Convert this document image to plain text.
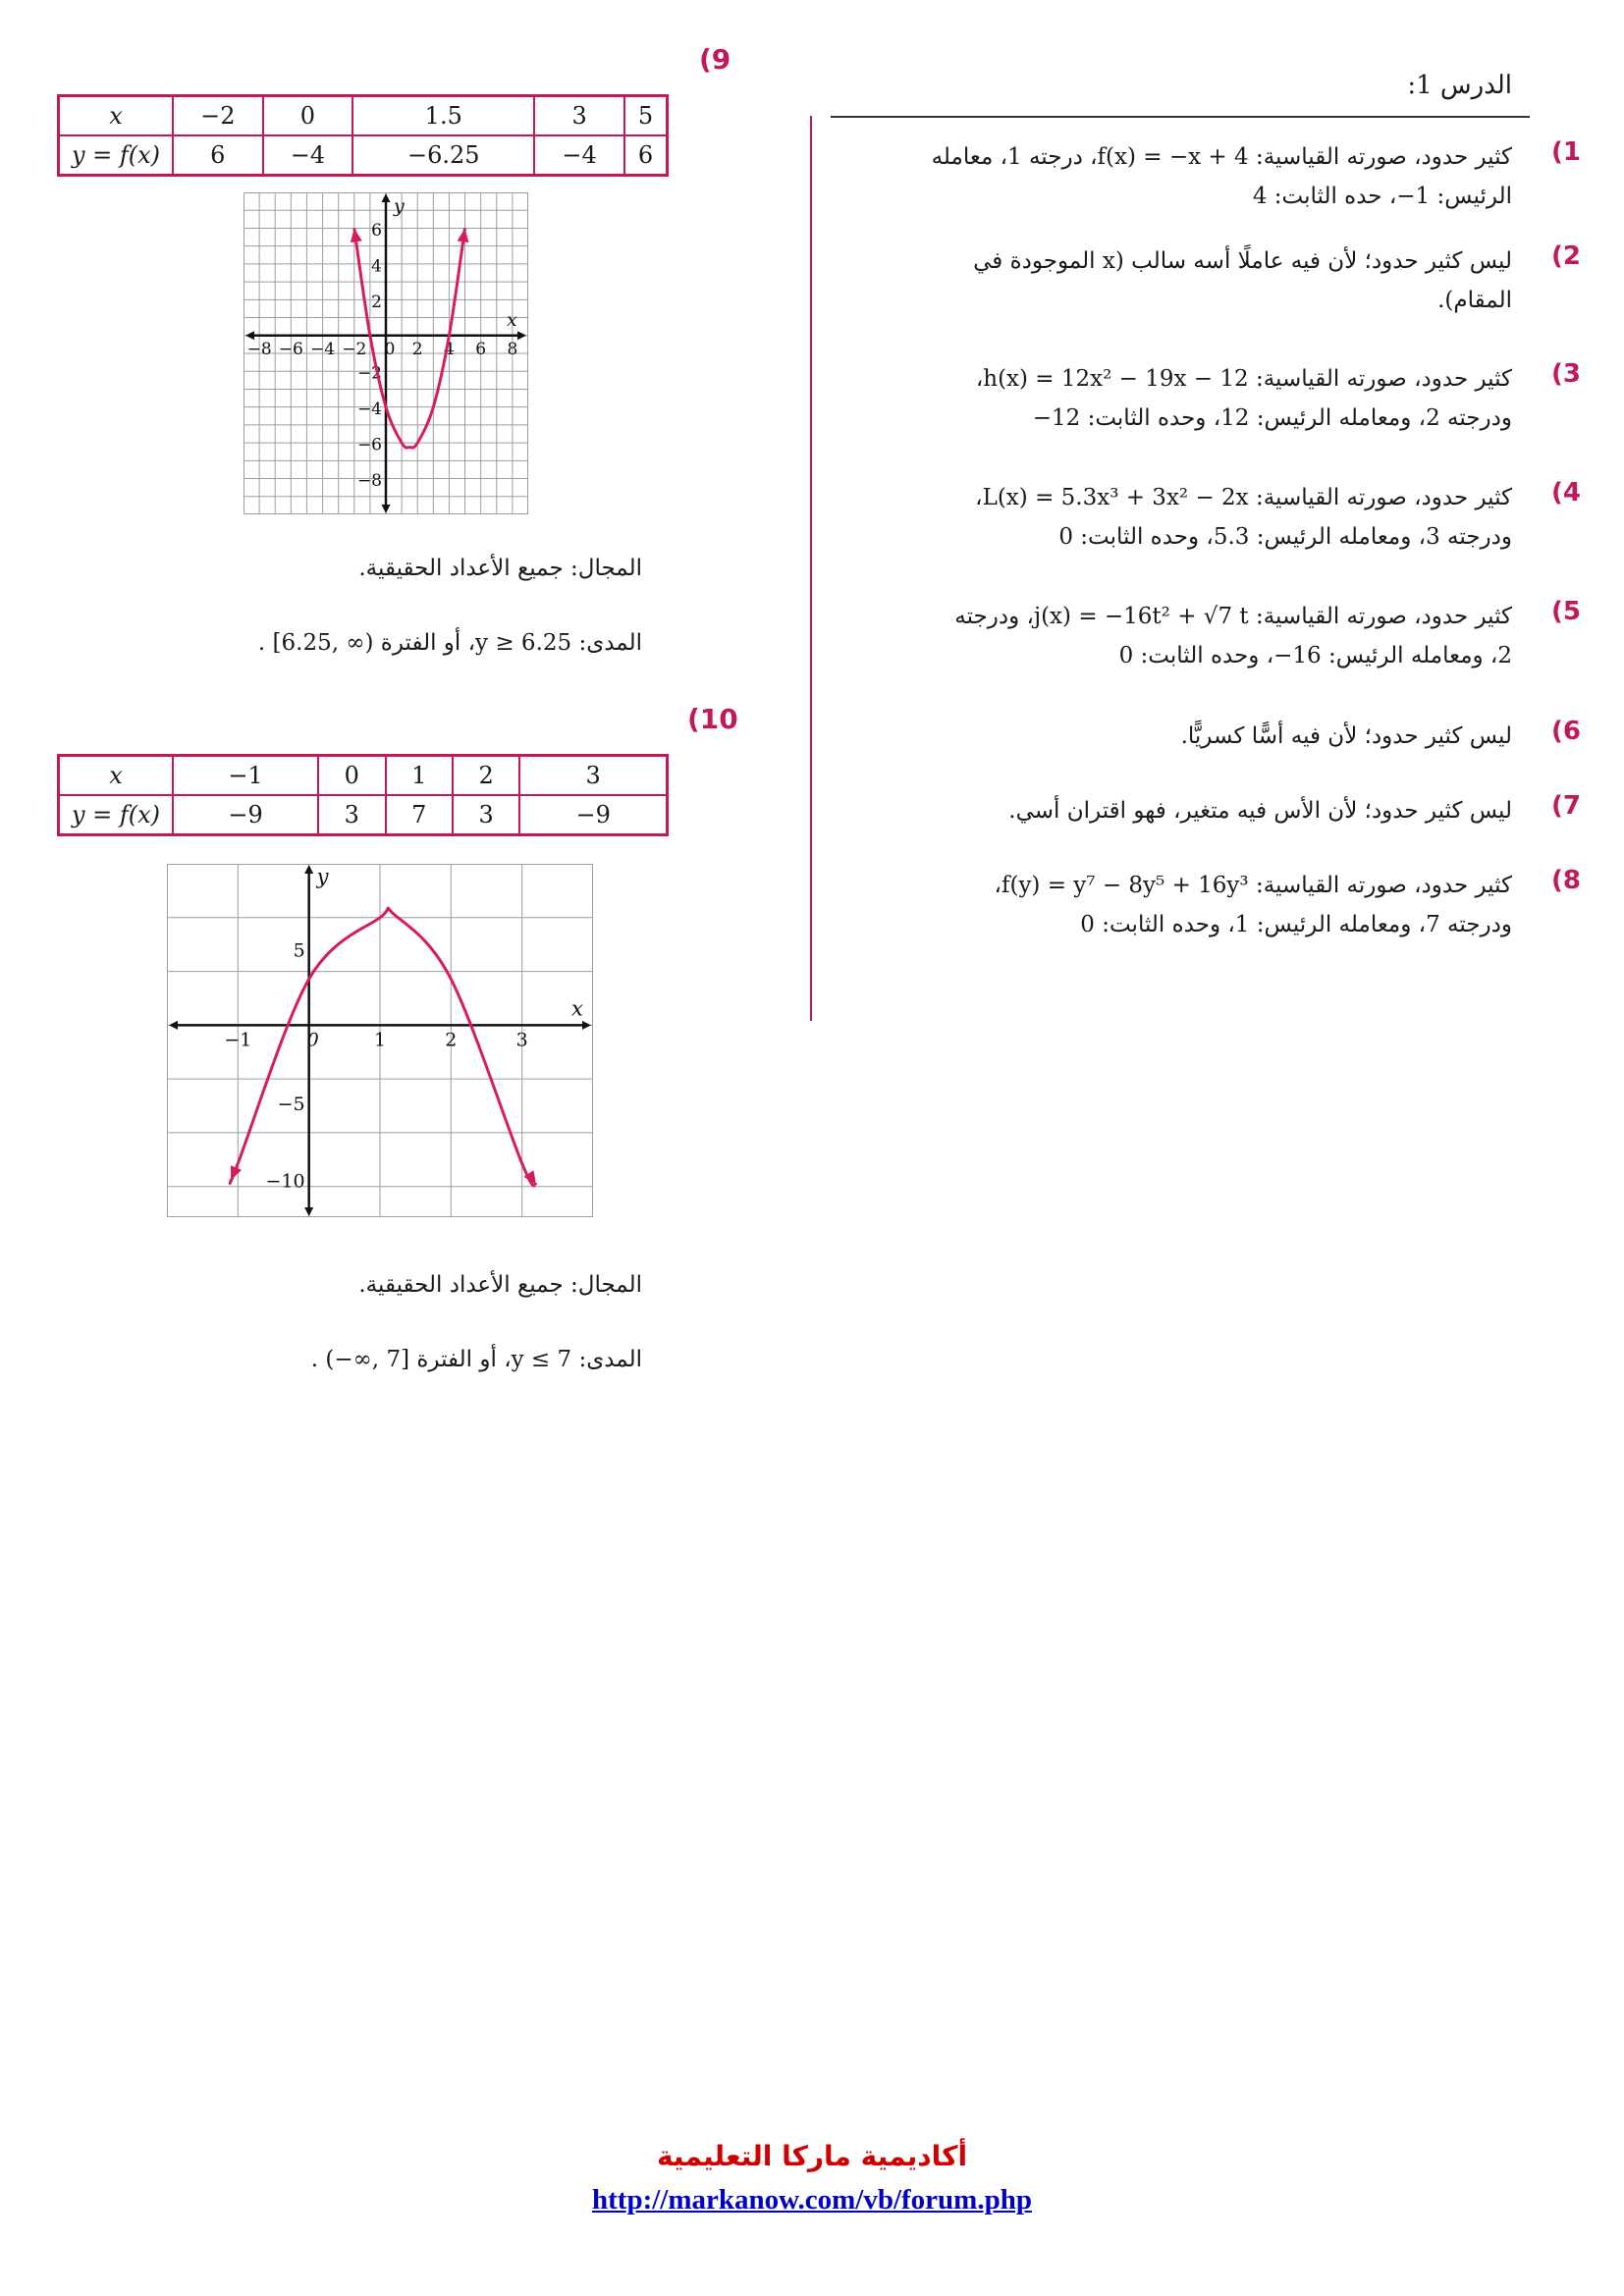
الدرس 1:
(1
كثير حدود، صورته القياسية: f(x) = −x + 4، درجته 1، معامله
الرئيس: 1−، حده الثابت: 4
(2
ليس كثير حدود؛ لأن فيه عاملًا أسه سالب (x الموجودة في
المقام).
(3
كثير حدود، صورته القياسية: h(x) = 12x² − 19x − 12،
ودرجته 2، ومعامله الرئيس: 12، وحده الثابت: 12−
(4
كثير حدود، صورته القياسية: L(x) = 5.3x³ + 3x² − 2x،
ودرجته 3، ومعامله الرئيس: 5.3، وحده الثابت: 0
(5
كثير حدود، صورته القياسية: j(x) = −16t² + √7 t، ودرجته
2، ومعامله الرئيس: 16−، وحده الثابت: 0
(6
ليس كثير حدود؛ لأن فيه أسًّا كسريًّا.
(7
ليس كثير حدود؛ لأن الأس فيه متغير، فهو اقتران أسي.
(8
كثير حدود، صورته القياسية: f(y) = y⁷ − 8y⁵ + 16y³،
ودرجته 7، ومعامله الرئيس: 1، وحده الثابت: 0
(9
x	−2	0	1.5	3	5
y = f(x)	6	−4	−6.25	−4	6
x
y
−8 −6 −4 −2 0 2 4 6 8
6
4
2
−2
−4
−6
−8
المجال: جميع الأعداد الحقيقية.
المدى: y ≥ 6.25، أو الفترة (∞ ,6.25] .
(10
x	−1	0	1	2	3
y = f(x)	−9	3	7	3	−9
x
y
−1	0	1	2	3
5
−5
−10
المجال: جميع الأعداد الحقيقية.
المدى: y ≤ 7، أو الفترة [7 ,∞−) .
أكاديمية ماركا التعليمية
http://markanow.com/vb/forum.php
